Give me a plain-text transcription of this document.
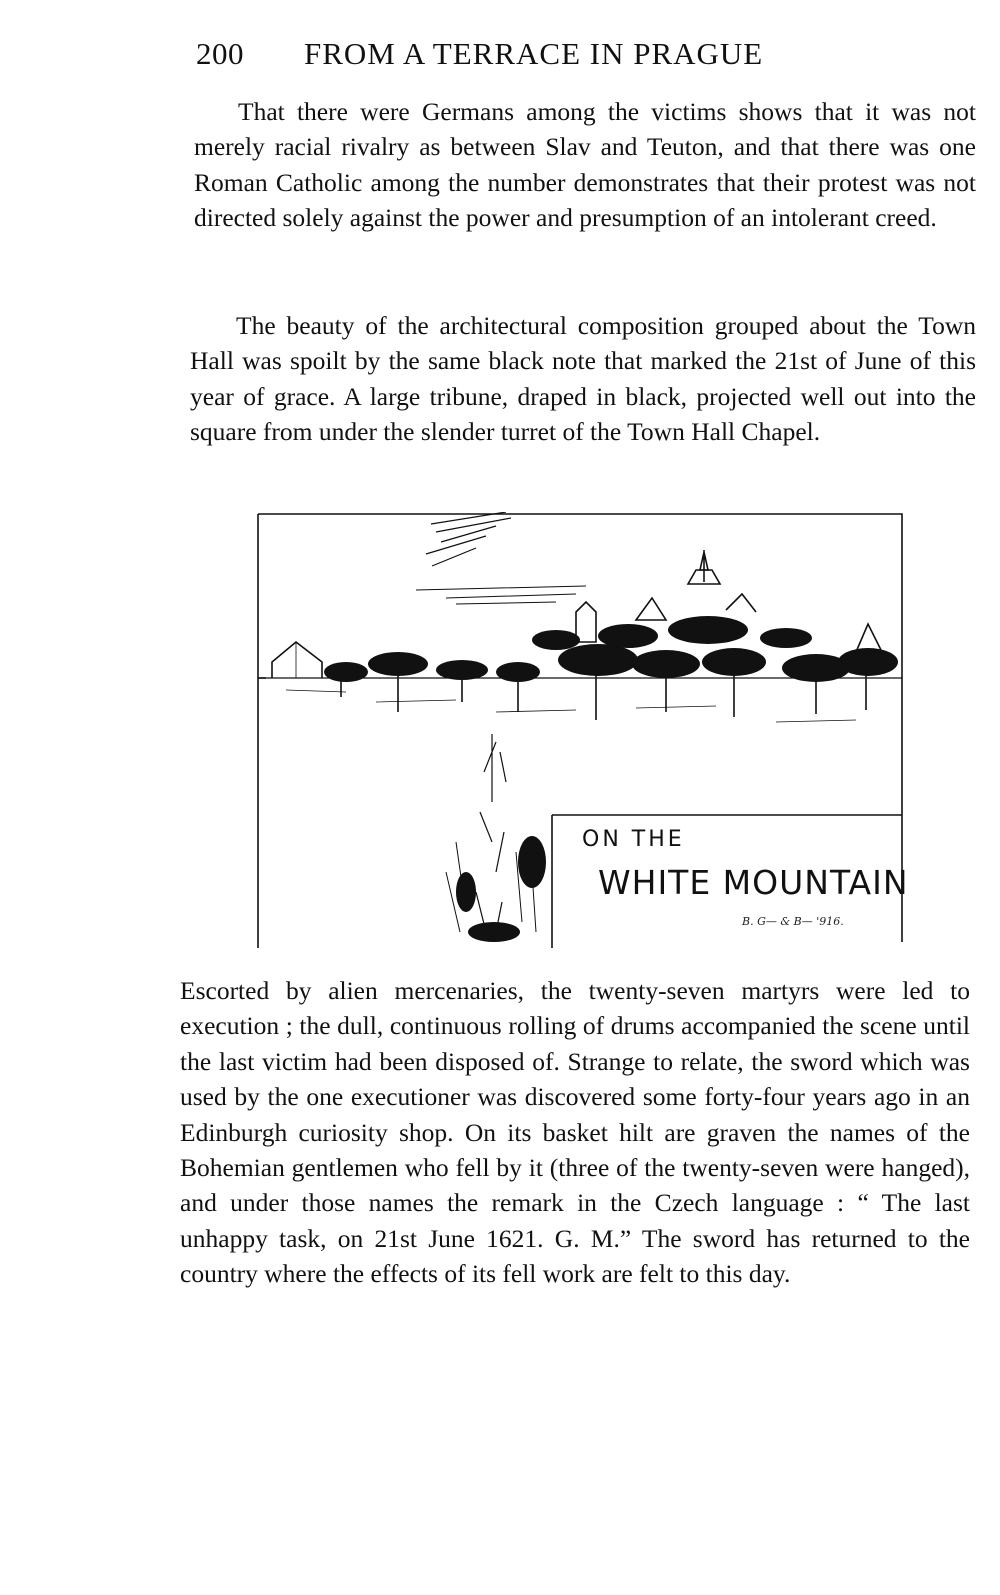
200 FROM A TERRACE IN PRAGUE

That there were Germans among the victims shows that it was not merely racial rivalry as between Slav and Teuton, and that there was one Roman Catholic among the number demonstrates that their protest was not directed solely against the power and presumption of an intolerant creed.

The beauty of the architectural composition grouped about the Town Hall was spoilt by the same black note that marked the 21st of June of this year of grace. A large tribune, draped in black, projected well out into the square from under the slender turret of the Town Hall Chapel.

ON THE
WHITE MOUNTAIN
B. G— & B— '916.

Escorted by alien mercenaries, the twenty-seven martyrs were led to execution ; the dull, continuous rolling of drums accompanied the scene until the last victim had been disposed of. Strange to relate, the sword which was used by the one executioner was discovered some forty-four years ago in an Edinburgh curiosity shop. On its basket hilt are graven the names of the Bohemian gentlemen who fell by it (three of the twenty-seven were hanged), and under those names the remark in the Czech language : “ The last unhappy task, on 21st June 1621. G. M.” The sword has returned to the country where the effects of its fell work are felt to this day.
